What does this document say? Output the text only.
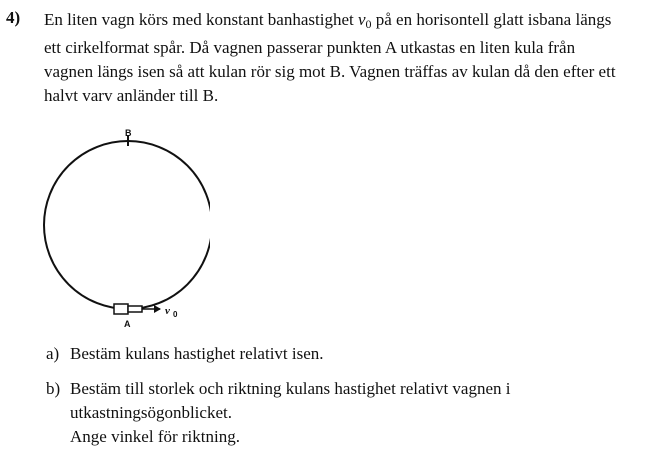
4) En liten vagn körs med konstant banhastighet $v_0$ på en horisontell glatt isbana längs
ett cirkelformat spår. Då vagnen passerar punkten A utkastas en liten kula från
vagnen längs isen så att kulan rör sig mot B. Vagnen träffas av kulan då den efter ett
halvt varv anländer till B.
B
v 0
A
a) Bestäm kulans hastighet relativt isen.
b) Bestäm till storlek och riktning kulans hastighet relativt vagnen i
utkastningsögonblicket.
Ange vinkel för riktning.
